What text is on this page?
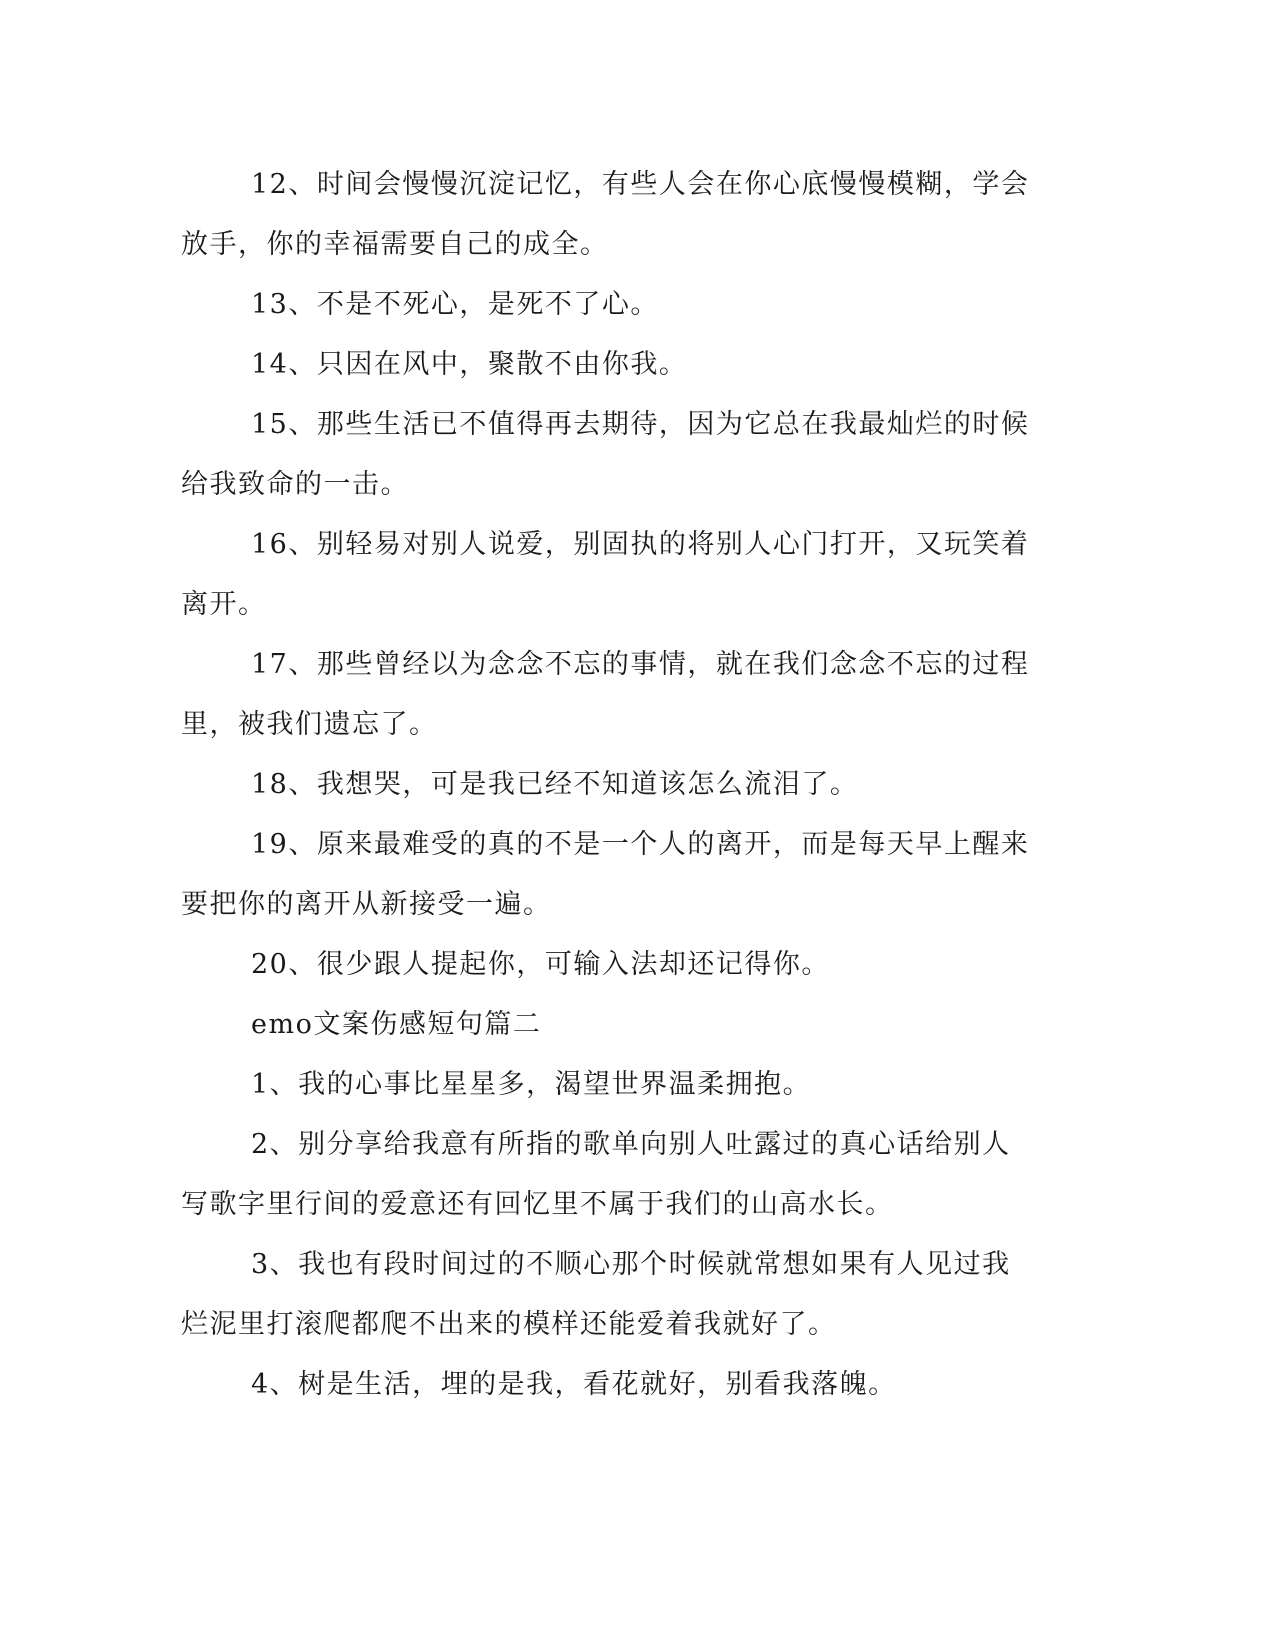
12、时间会慢慢沉淀记忆，有些人会在你心底慢慢模糊，学会放手，你的幸福需要自己的成全。

13、不是不死心，是死不了心。

14、只因在风中，聚散不由你我。

15、那些生活已不值得再去期待，因为它总在我最灿烂的时候给我致命的一击。

16、别轻易对别人说爱，别固执的将别人心门打开，又玩笑着离开。

17、那些曾经以为念念不忘的事情，就在我们念念不忘的过程里，被我们遗忘了。

18、我想哭，可是我已经不知道该怎么流泪了。

19、原来最难受的真的不是一个人的离开，而是每天早上醒来要把你的离开从新接受一遍。

20、很少跟人提起你，可输入法却还记得你。

emo文案伤感短句篇二

1、我的心事比星星多，渴望世界温柔拥抱。

2、别分享给我意有所指的歌单向别人吐露过的真心话给别人写歌字里行间的爱意还有回忆里不属于我们的山高水长。

3、我也有段时间过的不顺心那个时候就常想如果有人见过我烂泥里打滚爬都爬不出来的模样还能爱着我就好了。

4、树是生活，埋的是我，看花就好，别看我落魄。
